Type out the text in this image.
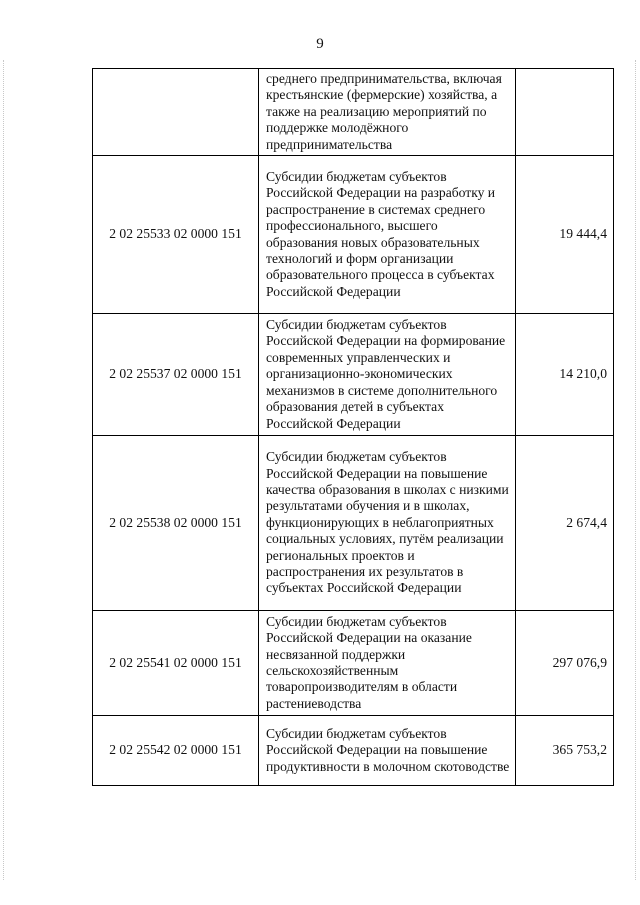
9
	среднего предпринимательства, включая крестьянские (фермерские) хозяйства, а также на реализацию мероприятий по поддержке молодёжного предпринимательства	
2 02 25533 02 0000 151	Субсидии бюджетам субъектов Российской Федерации на разработку и распространение в системах среднего профессионального, высшего образования новых образовательных технологий и форм организации образовательного процесса в субъектах Российской Федерации	19 444,4
2 02 25537 02 0000 151	Субсидии бюджетам субъектов Российской Федерации на формирование современных управленческих и организационно-экономических механизмов в системе дополнительного образования детей в субъектах Российской Федерации	14 210,0
2 02 25538 02 0000 151	Субсидии бюджетам субъектов Российской Федерации на повышение качества образования в школах с низкими результатами обучения и в школах, функционирующих в неблагоприятных социальных условиях, путём реализации региональных проектов и распространения их результатов в субъектах Российской Федерации	2 674,4
2 02 25541 02 0000 151	Субсидии бюджетам субъектов Российской Федерации на оказание несвязанной поддержки сельскохозяйственным товаропроизводителям в области растениеводства	297 076,9
2 02 25542 02 0000 151	Субсидии бюджетам субъектов Российской Федерации на повышение продуктивности в молочном скотоводстве	365 753,2
